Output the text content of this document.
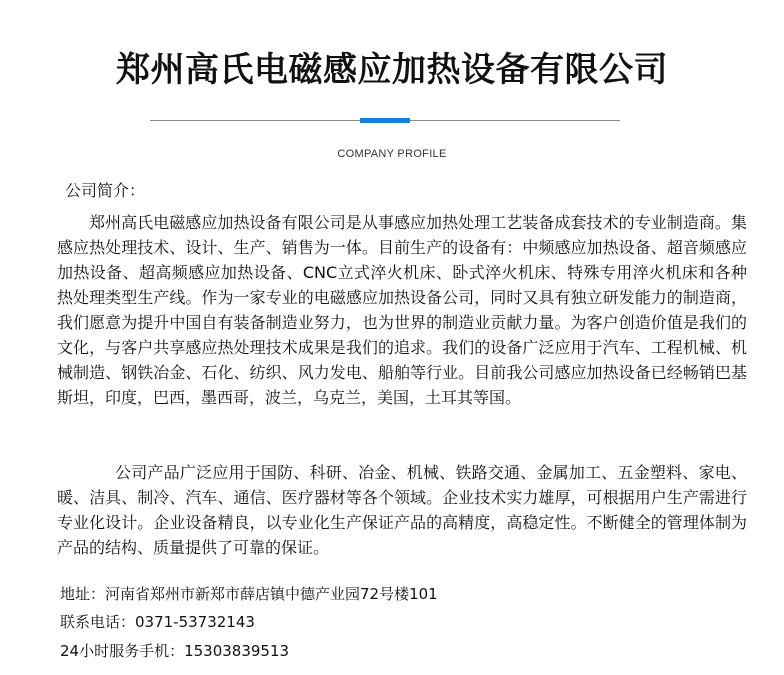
郑州高氏电磁感应加热设备有限公司
COMPANY PROFILE
公司简介：
郑州高氏电磁感应加热设备有限公司是从事感应加热处理工艺装备成套技术的专业制造商。集感应热处理技术、设计、生产、销售为一体。目前生产的设备有：中频感应加热设备、超音频感应加热设备、超高频感应加热设备、CNC立式淬火机床、卧式淬火机床、特殊专用淬火机床和各种热处理类型生产线。作为一家专业的电磁感应加热设备公司，同时又具有独立研发能力的制造商，我们愿意为提升中国自有装备制造业努力，也为世界的制造业贡献力量。为客户创造价值是我们的文化，与客户共享感应热处理技术成果是我们的追求。我们的设备广泛应用于汽车、工程机械、机械制造、钢铁冶金、石化、纺织、风力发电、船舶等行业。目前我公司感应加热设备已经畅销巴基斯坦，印度，巴西，墨西哥，波兰，乌克兰，美国，土耳其等国。
公司产品广泛应用于国防、科研、冶金、机械、铁路交通、金属加工、五金塑料、家电、暖、洁具、制冷、汽车、通信、医疗器材等各个领域。企业技术实力雄厚，可根据用户生产需进行专业化设计。企业设备精良，以专业化生产保证产品的高精度，高稳定性。不断健全的管理体制为产品的结构、质量提供了可靠的保证。
地址：河南省郑州市新郑市薛店镇中德产业园72号楼101
联系电话：0371-53732143
24小时服务手机：15303839513
